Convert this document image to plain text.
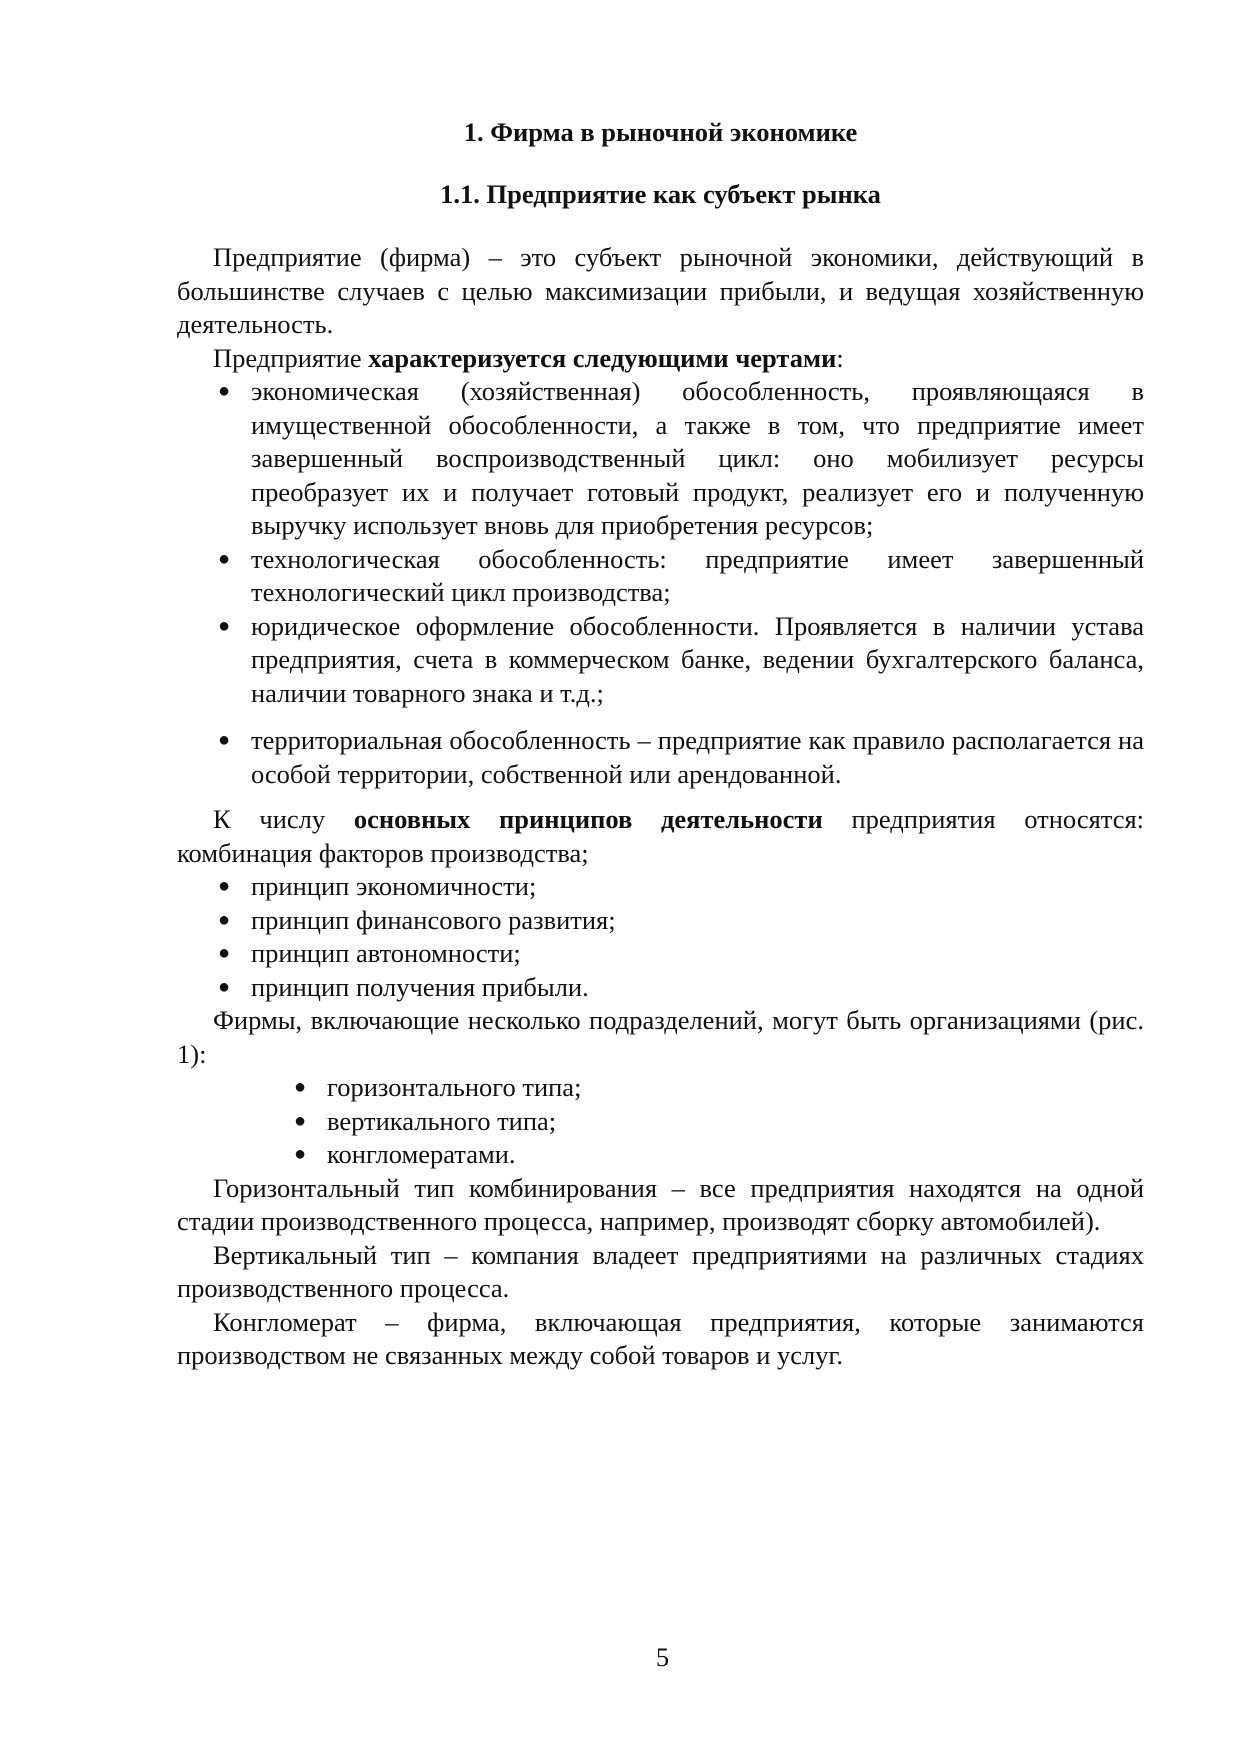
1. Фирма в рыночной экономике
1.1. Предприятие как субъект рынка

Предприятие (фирма) – это субъект рыночной экономики, действующий в большинстве случаев с целью максимизации прибыли, и ведущая хозяйственную деятельность.

Предприятие характеризуется следующими чертами:

● экономическая (хозяйственная) обособленность, проявляющаяся в имущественной обособленности, а также в том, что предприятие имеет завершенный воспроизводственный цикл: оно мобилизует ресурсы преобразует их и получает готовый продукт, реализует его и полученную выручку использует вновь для приобретения ресурсов;
● технологическая обособленность: предприятие имеет завершенный технологический цикл производства;
● юридическое оформление обособленности. Проявляется в наличии устава предприятия, счета в коммерческом банке, ведении бухгалтерского баланса, наличии товарного знака и т.д.;
● территориальная обособленность – предприятие как правило располагается на особой территории, собственной или арендованной.

К числу основных принципов деятельности предприятия относятся: комбинация факторов производства;

● принцип экономичности;
● принцип финансового развития;
● принцип автономности;
● принцип получения прибыли.

Фирмы, включающие несколько подразделений, могут быть организациями (рис. 1):

● горизонтального типа;
● вертикального типа;
● конгломератами.

Горизонтальный тип комбинирования – все предприятия находятся на одной стадии производственного процесса, например, производят сборку автомобилей).

Вертикальный тип – компания владеет предприятиями на различных стадиях производственного процесса.

Конгломерат – фирма, включающая предприятия, которые занимаются производством не связанных между собой товаров и услуг.

5
